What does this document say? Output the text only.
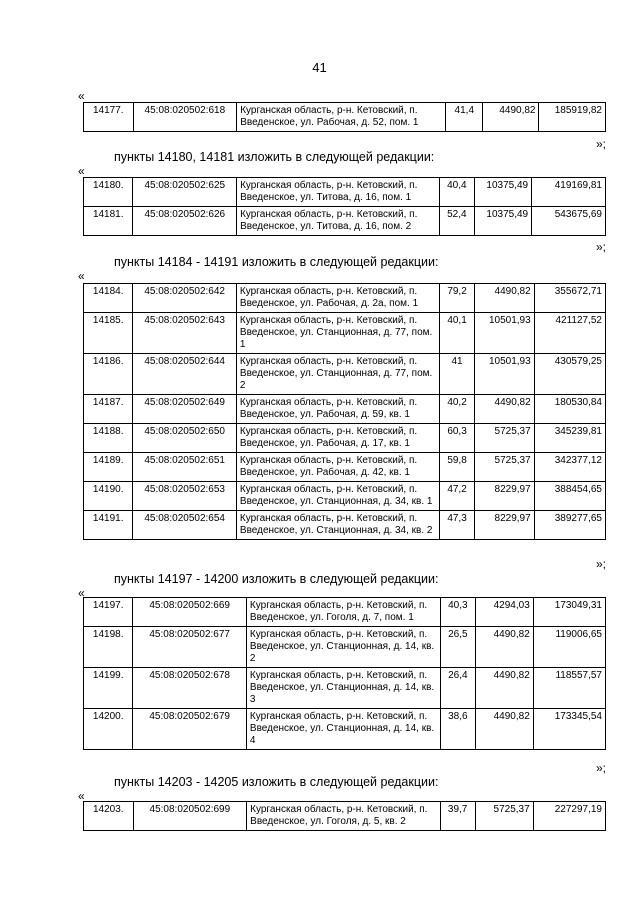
41
«
14177.	45:08:020502:618	Курганская область, р-н. Кетовский, п. Введенское, ул. Рабочая, д. 52, пом. 1	41,4	4490,82	185919,82
»;
пункты 14180, 14181 изложить в следующей редакции:
«
14180.	45:08:020502:625	Курганская область, р-н. Кетовский, п. Введенское, ул. Титова, д. 16, пом. 1	40,4	10375,49	419169,81
14181.	45:08:020502:626	Курганская область, р-н. Кетовский, п. Введенское, ул. Титова, д. 16, пом. 2	52,4	10375,49	543675,69
»;
пункты 14184 - 14191 изложить в следующей редакции:
«
14184.	45:08:020502:642	Курганская область, р-н. Кетовский, п. Введенское, ул. Рабочая, д. 2а, пом. 1	79,2	4490,82	355672,71
14185.	45:08:020502:643	Курганская область, р-н. Кетовский, п. Введенское, ул. Станционная, д. 77, пом. 1	40,1	10501,93	421127,52
14186.	45:08:020502:644	Курганская область, р-н. Кетовский, п. Введенское, ул. Станционная, д. 77, пом. 2	41	10501,93	430579,25
14187.	45:08:020502:649	Курганская область, р-н. Кетовский, п. Введенское, ул. Рабочая, д. 59, кв. 1	40,2	4490,82	180530,84
14188.	45:08:020502:650	Курганская область, р-н. Кетовский, п. Введенское, ул. Рабочая, д. 17, кв. 1	60,3	5725,37	345239,81
14189.	45:08:020502:651	Курганская область, р-н. Кетовский, п. Введенское, ул. Рабочая, д. 42, кв. 1	59,8	5725,37	342377,12
14190.	45:08:020502:653	Курганская область, р-н. Кетовский, п. Введенское, ул. Станционная, д. 34, кв. 1	47,2	8229,97	388454,65
14191.	45:08:020502:654	Курганская область, р-н. Кетовский, п. Введенское, ул. Станционная, д. 34, кв. 2	47,3	8229,97	389277,65
»;
пункты 14197 - 14200 изложить в следующей редакции:
«
14197.	45:08:020502:669	Курганская область, р-н. Кетовский, п. Введенское, ул. Гоголя, д. 7, пом. 1	40,3	4294,03	173049,31
14198.	45:08:020502:677	Курганская область, р-н. Кетовский, п. Введенское, ул. Станционная, д. 14, кв. 2	26,5	4490,82	119006,65
14199.	45:08:020502:678	Курганская область, р-н. Кетовский, п. Введенское, ул. Станционная, д. 14, кв. 3	26,4	4490,82	118557,57
14200.	45:08:020502:679	Курганская область, р-н. Кетовский, п. Введенское, ул. Станционная, д. 14, кв. 4	38,6	4490,82	173345,54
»;
пункты 14203 - 14205 изложить в следующей редакции:
«
14203.	45:08:020502:699	Курганская область, р-н. Кетовский, п. Введенское, ул. Гоголя, д. 5, кв. 2	39,7	5725,37	227297,19
